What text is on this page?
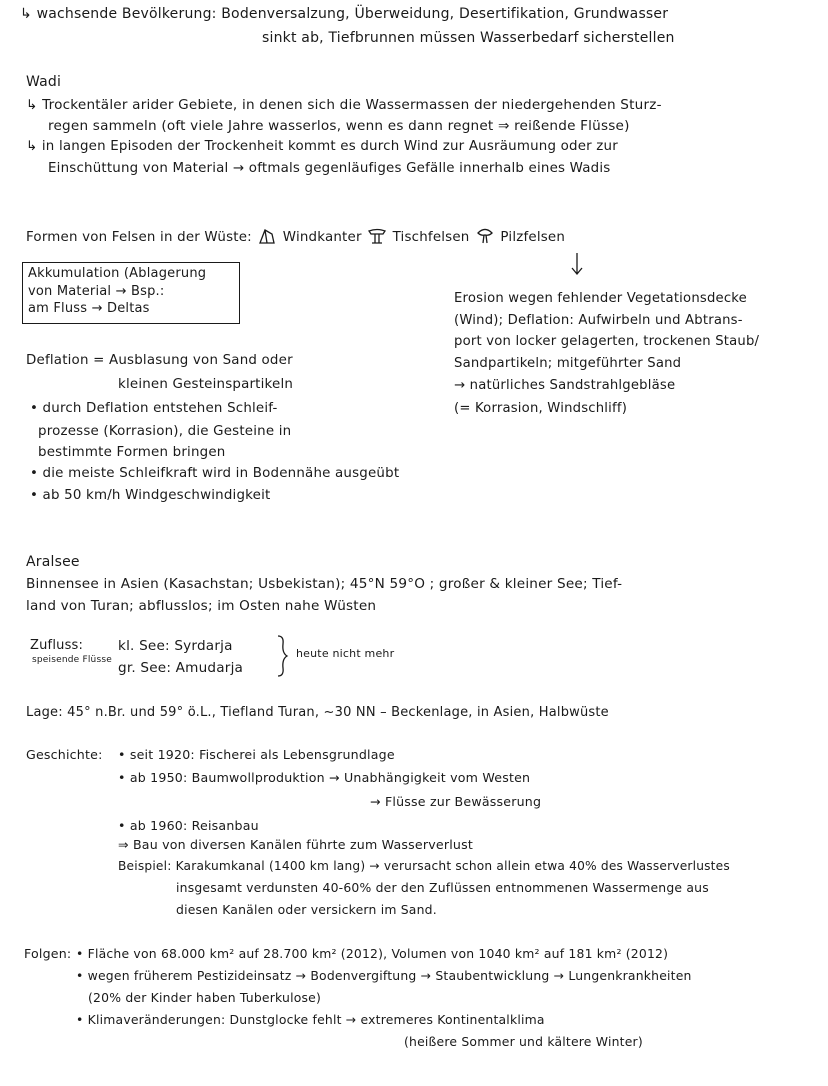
↳ wachsende Bevölkerung: Bodenversalzung, Überweidung, Desertifikation, Grundwasser
sinkt ab, Tiefbrunnen müssen Wasserbedarf sicherstellen
Wadi
↳ Trockentäler arider Gebiete, in denen sich die Wassermassen der niedergehenden Sturz-
regen sammeln (oft viele Jahre wasserlos, wenn es dann regnet ⇒ reißende Flüsse)
↳ in langen Episoden der Trockenheit kommt es durch Wind zur Ausräumung oder zur
Einschüttung von Material → oftmals gegenläufiges Gefälle innerhalb eines Wadis
Formen von Felsen in der Wüste: Windkanter Tischfelsen Pilzfelsen
Akkumulation (Ablagerung
von Material → Bsp.:
am Fluss → Deltas
Erosion wegen fehlender Vegetationsdecke
(Wind); Deflation: Aufwirbeln und Abtrans-
port von locker gelagerten, trockenen Staub/
Sandpartikeln; mitgeführter Sand
→ natürliches Sandstrahlgebläse
(= Korrasion, Windschliff)
Deflation = Ausblasung von Sand oder
kleinen Gesteinspartikeln
• durch Deflation entstehen Schleif-
prozesse (Korrasion), die Gesteine in
bestimmte Formen bringen
• die meiste Schleifkraft wird in Bodennähe ausgeübt
• ab 50 km/h Windgeschwindigkeit
Aralsee
Binnensee in Asien (Kasachstan; Usbekistan); 45°N 59°O ; großer & kleiner See; Tief-
land von Turan; abflusslos; im Osten nahe Wüsten
Zufluss:
speisende Flüsse
kl. See: Syrdarja
gr. See: Amudarja
heute nicht mehr
Lage: 45° n.Br. und 59° ö.L., Tiefland Turan, ~30 NN – Beckenlage, in Asien, Halbwüste
Geschichte: • seit 1920: Fischerei als Lebensgrundlage
• ab 1950: Baumwollproduktion → Unabhängigkeit vom Westen
→ Flüsse zur Bewässerung
• ab 1960: Reisanbau
⇒ Bau von diversen Kanälen führte zum Wasserverlust
Beispiel: Karakumkanal (1400 km lang) → verursacht schon allein etwa 40% des Wasserverlustes
insgesamt verdunsten 40-60% der den Zuflüssen entnommenen Wassermenge aus
diesen Kanälen oder versickern im Sand.
Folgen: • Fläche von 68.000 km² auf 28.700 km² (2012), Volumen von 1040 km² auf 181 km² (2012)
• wegen früherem Pestizideinsatz → Bodenvergiftung → Staubentwicklung → Lungenkrankheiten
(20% der Kinder haben Tuberkulose)
• Klimaveränderungen: Dunstglocke fehlt → extremeres Kontinentalklima
(heißere Sommer und kältere Winter)
